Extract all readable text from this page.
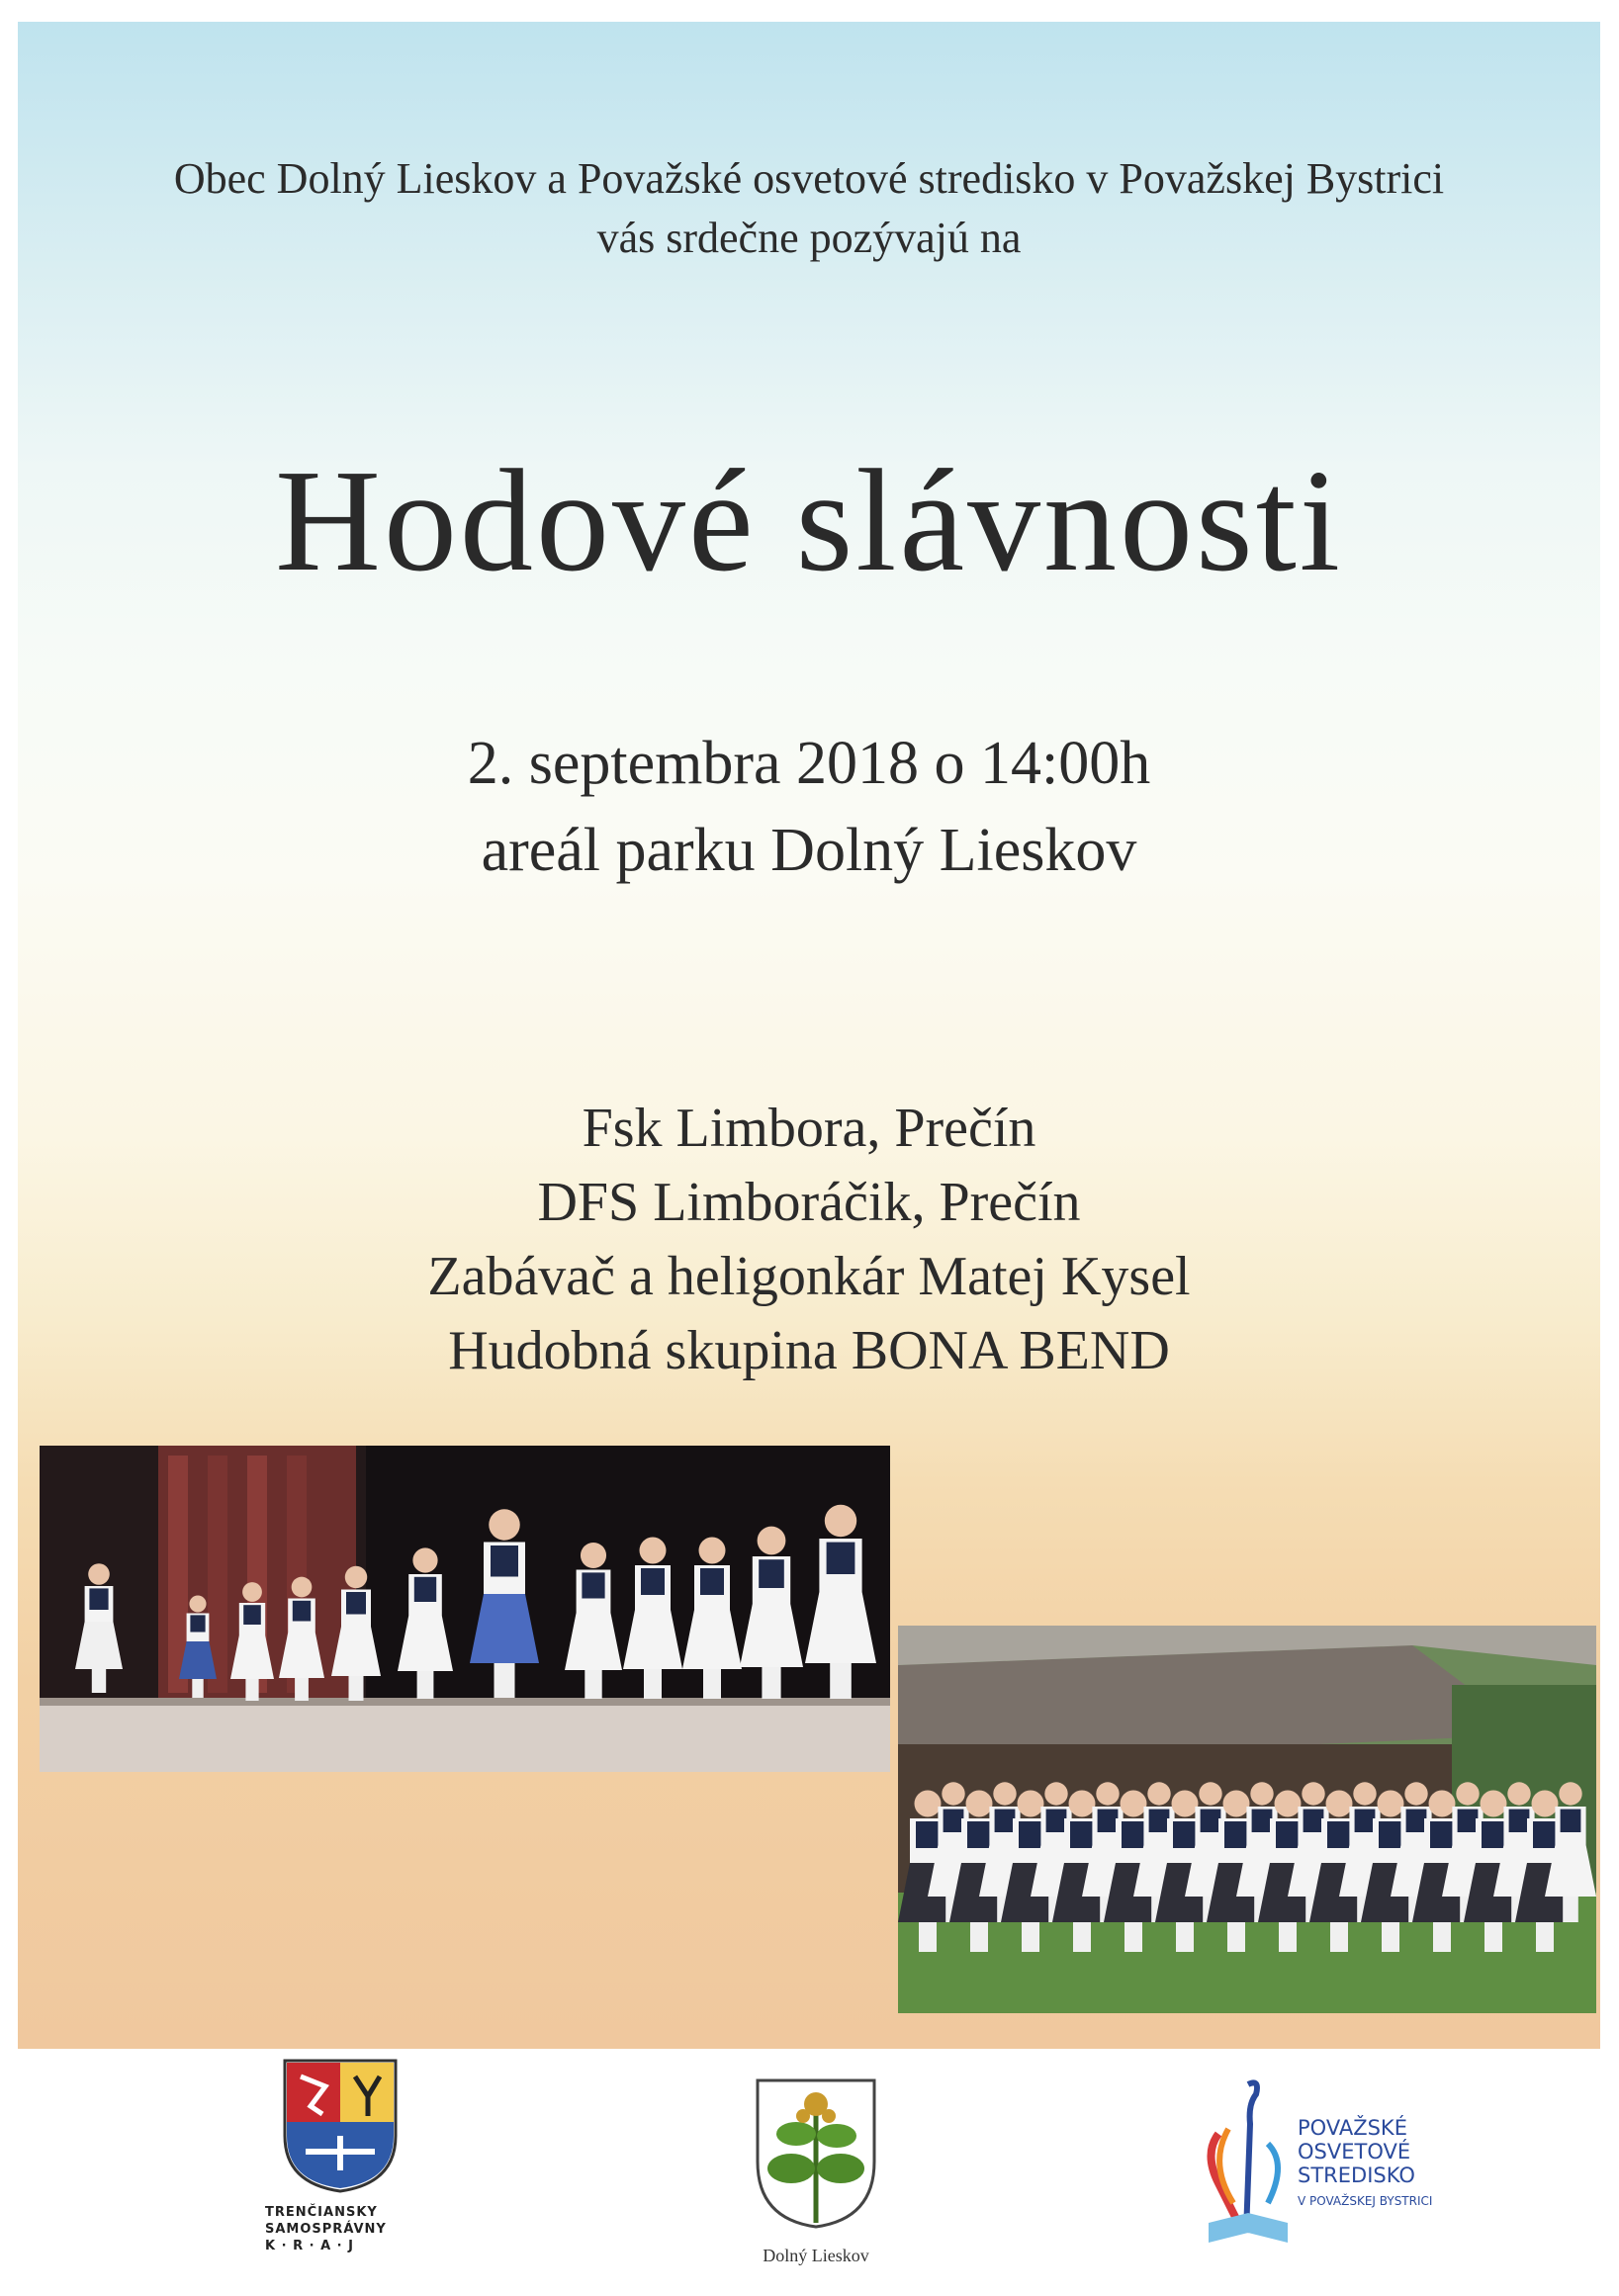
Obec Dolný Lieskov a Považské osvetové stredisko v Považskej Bystrici
vás srdečne pozývajú na
Hodové slávnosti
2. septembra 2018 o 14:00h
areál parku Dolný Lieskov
Fsk Limbora, Prečín
DFS Limboráčik, Prečín
Zabávač a heligonkár Matej Kysel
Hudobná skupina BONA BEND
TRENČIANSKY
SAMOSPRÁVNY
K · R · A · J	Dolný Lieskov
POVAŽSKÉ
OSVETOVÉ
STREDISKO
V POVAŽSKEJ BYSTRICI
